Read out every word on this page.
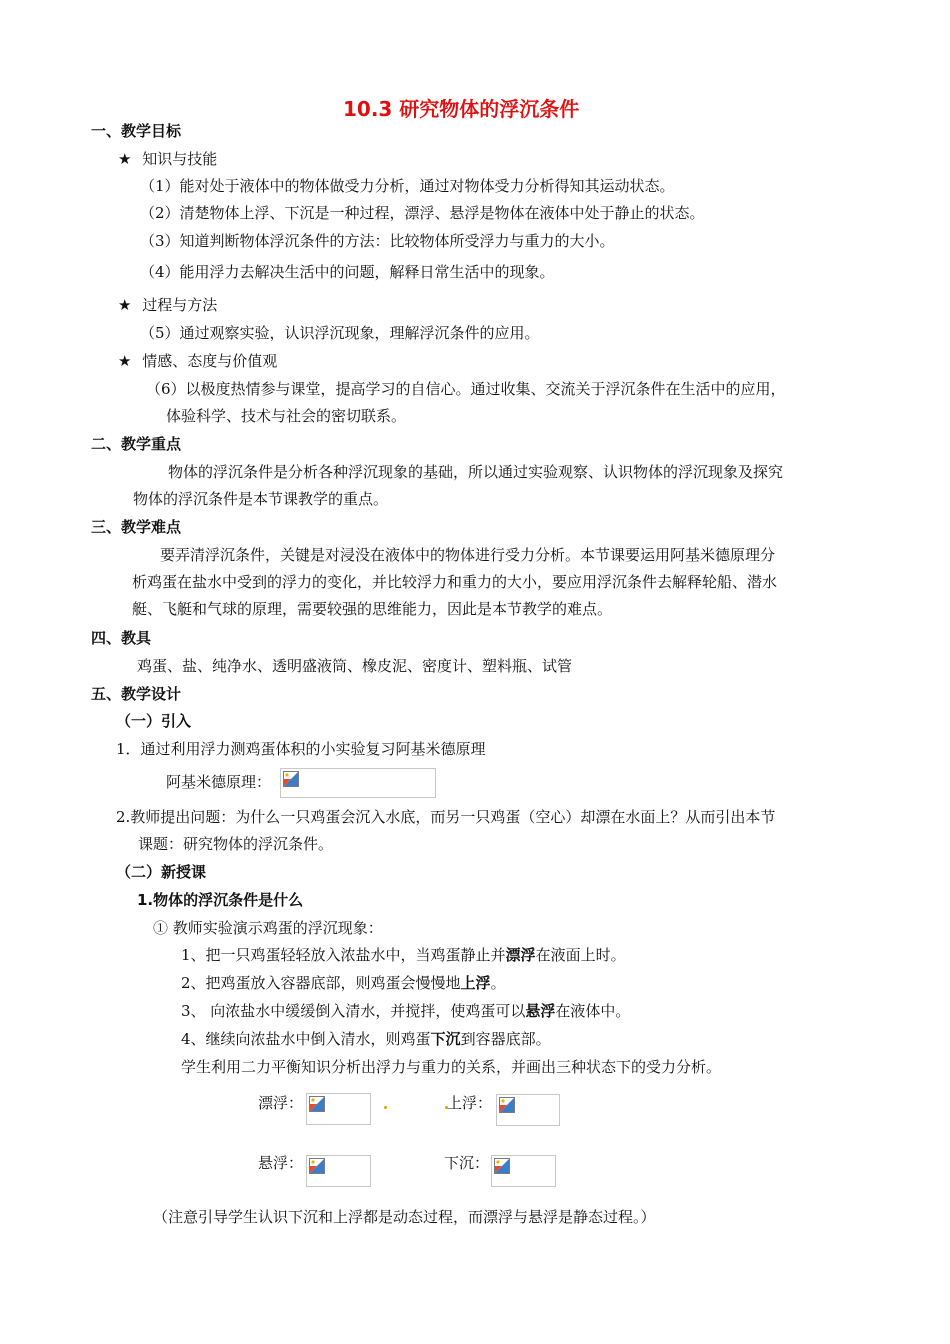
10.3 研究物体的浮沉条件
一、教学目标
★ 知识与技能
（1）能对处于液体中的物体做受力分析，通过对物体受力分析得知其运动状态。
（2）清楚物体上浮、下沉是一种过程，漂浮、悬浮是物体在液体中处于静止的状态。
（3）知道判断物体浮沉条件的方法：比较物体所受浮力与重力的大小。
（4）能用浮力去解决生活中的问题，解释日常生活中的现象。
★ 过程与方法
（5）通过观察实验，认识浮沉现象，理解浮沉条件的应用。
★ 情感、态度与价值观
（6）以极度热情参与课堂，提高学习的自信心。通过收集、交流关于浮沉条件在生活中的应用，
体验科学、技术与社会的密切联系。
二、教学重点
物体的浮沉条件是分析各种浮沉现象的基础，所以通过实验观察、认识物体的浮沉现象及探究
物体的浮沉条件是本节课教学的重点。
三、教学难点
要弄清浮沉条件，关键是对浸没在液体中的物体进行受力分析。本节课要运用阿基米德原理分
析鸡蛋在盐水中受到的浮力的变化，并比较浮力和重力的大小，要应用浮沉条件去解释轮船、潜水
艇、飞艇和气球的原理，需要较强的思维能力，因此是本节教学的难点。
四、教具
鸡蛋、盐、纯净水、透明盛液筒、橡皮泥、密度计、塑料瓶、试管
五、教学设计
（一）引入
1．通过利用浮力测鸡蛋体积的小实验复习阿基米德原理
阿基米德原理：
2.教师提出问题：为什么一只鸡蛋会沉入水底，而另一只鸡蛋（空心）却漂在水面上？从而引出本节
课题：研究物体的浮沉条件。
（二）新授课
1.物体的浮沉条件是什么
① 教师实验演示鸡蛋的浮沉现象：
1、把一只鸡蛋轻轻放入浓盐水中，当鸡蛋静止并漂浮在液面上时。
2、把鸡蛋放入容器底部，则鸡蛋会慢慢地上浮。
3、 向浓盐水中缓缓倒入清水，并搅拌，使鸡蛋可以悬浮在液体中。
4、继续向浓盐水中倒入清水，则鸡蛋下沉到容器底部。
学生利用二力平衡知识分析出浮力与重力的关系，并画出三种状态下的受力分析。
漂浮：	上浮：
悬浮：	下沉：
（注意引导学生认识下沉和上浮都是动态过程，而漂浮与悬浮是静态过程。）
